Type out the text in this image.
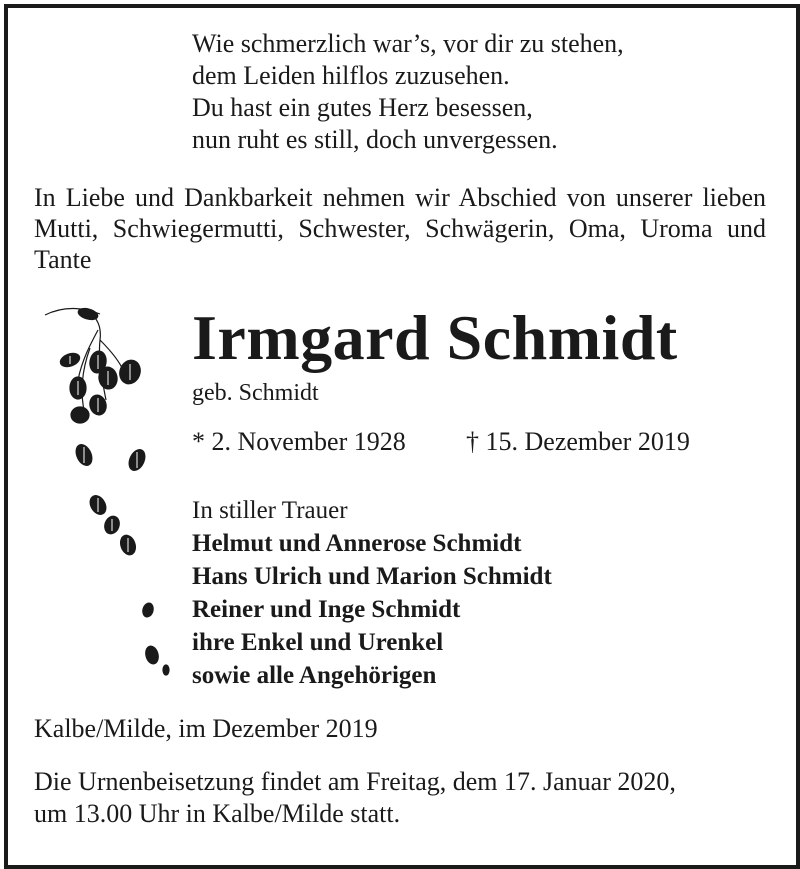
Wie schmerzlich war’s, vor dir zu stehen,
dem Leiden hilflos zuzusehen.
Du hast ein gutes Herz besessen,
nun ruht es still, doch unvergessen.
In Liebe und Dankbarkeit nehmen wir Abschied von unserer lieben Mutti, Schwiegermutti, Schwester, Schwägerin, Oma, Uroma und Tante
Irmgard Schmidt
geb. Schmidt
* 2. November 1928 † 15. Dezember 2019
In stiller Trauer
Helmut und Annerose Schmidt
Hans Ulrich und Marion Schmidt
Reiner und Inge Schmidt
ihre Enkel und Urenkel
sowie alle Angehörigen
Kalbe/Milde, im Dezember 2019
Die Urnenbeisetzung findet am Freitag, dem 17. Januar 2020,
um 13.00 Uhr in Kalbe/Milde statt.
